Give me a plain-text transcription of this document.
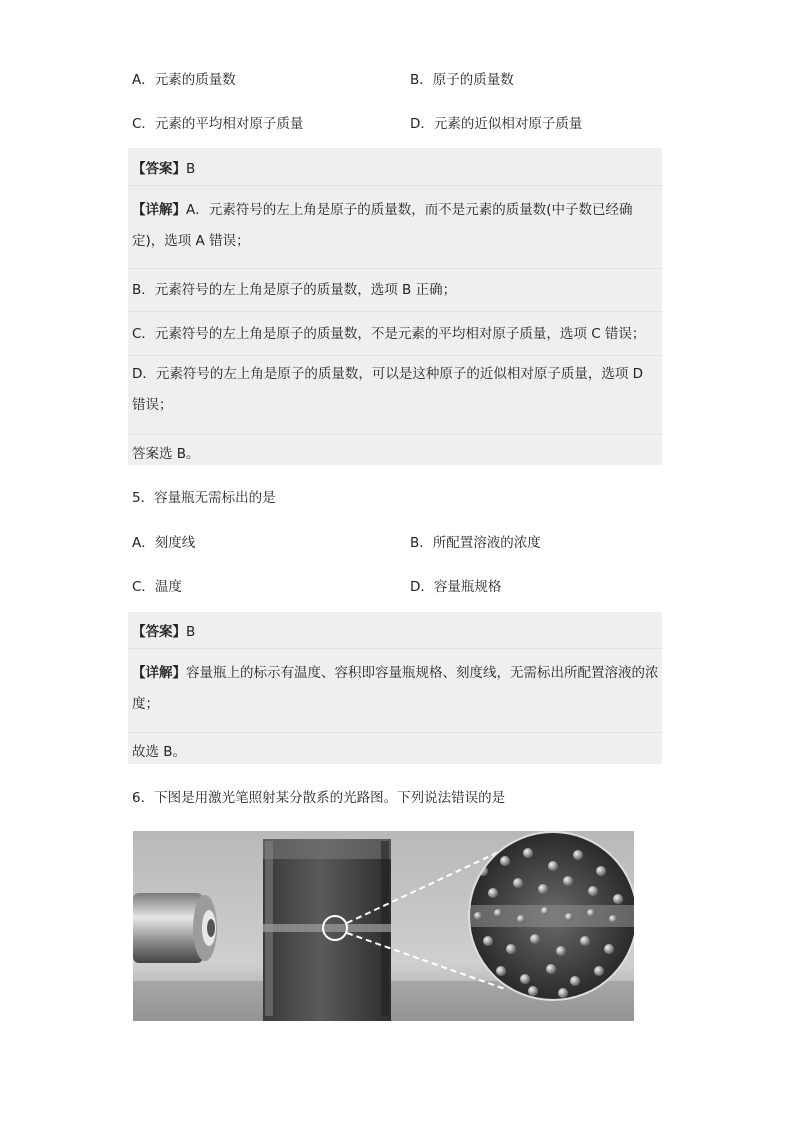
A．元素的质量数	B．原子的质量数
C．元素的平均相对原子质量	D．元素的近似相对原子质量
【答案】B
【详解】A．元素符号的左上角是原子的质量数，而不是元素的质量数(中子数已经确定)，选项 A 错误；
B．元素符号的左上角是原子的质量数，选项 B 正确；
C．元素符号的左上角是原子的质量数，不是元素的平均相对原子质量，选项 C 错误；
D．元素符号的左上角是原子的质量数，可以是这种原子的近似相对原子质量，选项 D 错误；
答案选 B。
5．容量瓶无需标出的是
A．刻度线	B．所配置溶液的浓度
C．温度	D．容量瓶规格
【答案】B
【详解】容量瓶上的标示有温度、容积即容量瓶规格、刻度线，无需标出所配置溶液的浓度；
故选 B。
6．下图是用激光笔照射某分散系的光路图。下列说法错误的是
